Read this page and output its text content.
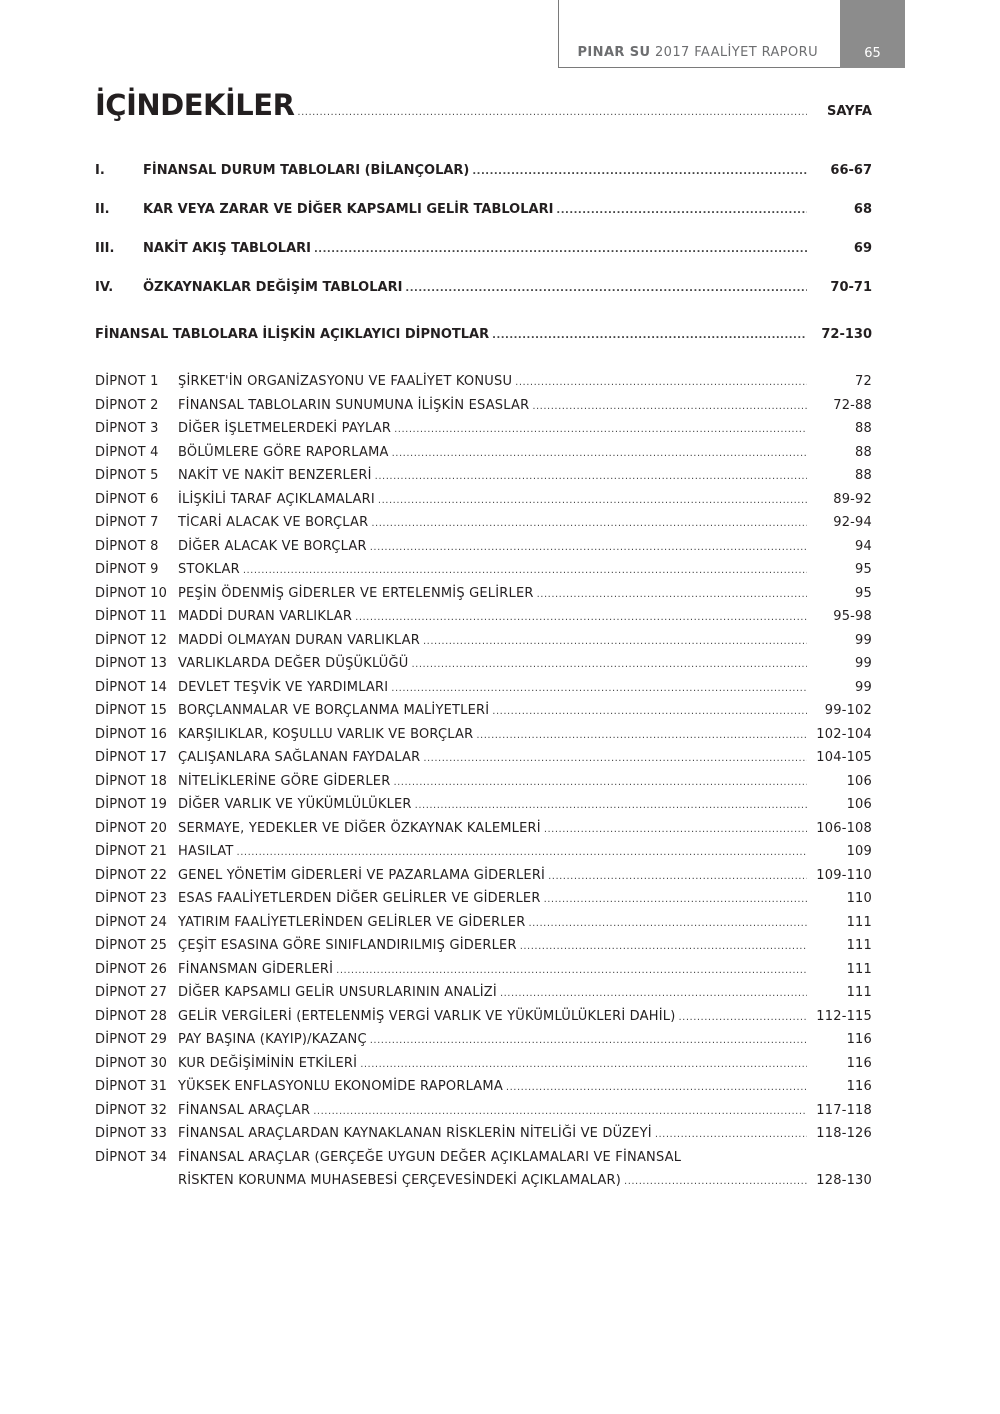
PINAR SU 2017 FAALİYET RAPORU	65
İÇİNDEKİLER .....	SAYFA
I.	FİNANSAL DURUM TABLOLARI (BİLANÇOLAR) .....	66-67
II.	KAR VEYA ZARAR VE DİĞER KAPSAMLI GELİR TABLOLARI .....	68
III.	NAKİT AKIŞ TABLOLARI .....	69
IV.	ÖZKAYNAKLAR DEĞİŞİM TABLOLARI .....	70-71
FİNANSAL TABLOLARA İLİŞKİN AÇIKLAYICI DİPNOTLAR .....	72-130
DİPNOT 1	ŞİRKET'İN ORGANİZASYONU VE FAALİYET KONUSU .....	72
DİPNOT 2	FİNANSAL TABLOLARIN SUNUMUNA İLİŞKİN ESASLAR .....	72-88
DİPNOT 3	DİĞER İŞLETMELERDEKİ PAYLAR .....	88
DİPNOT 4	BÖLÜMLERE GÖRE RAPORLAMA .....	88
DİPNOT 5	NAKİT VE NAKİT BENZERLERİ .....	88
DİPNOT 6	İLİŞKİLİ TARAF AÇIKLAMALARI .....	89-92
DİPNOT 7	TİCARİ ALACAK VE BORÇLAR .....	92-94
DİPNOT 8	DİĞER ALACAK VE BORÇLAR .....	94
DİPNOT 9	STOKLAR .....	95
DİPNOT 10 PEŞİN ÖDENMİŞ GİDERLER VE ERTELENMİŞ GELİRLER .....	95
DİPNOT 11 MADDİ DURAN VARLIKLAR .....	95-98
DİPNOT 12 MADDİ OLMAYAN DURAN VARLIKLAR .....	99
DİPNOT 13 VARLIKLARDA DEĞER DÜŞÜKLÜĞÜ .....	99
DİPNOT 14 DEVLET TEŞVİK VE YARDIMLARI .....	99
DİPNOT 15 BORÇLANMALAR VE BORÇLANMA MALİYETLERİ .....	99-102
DİPNOT 16 KARŞILIKLAR, KOŞULLU VARLIK VE BORÇLAR .....	102-104
DİPNOT 17 ÇALIŞANLARA SAĞLANAN FAYDALAR .....	104-105
DİPNOT 18 NİTELİKLERİNE GÖRE GİDERLER .....	106
DİPNOT 19 DİĞER VARLIK VE YÜKÜMLÜLÜKLER .....	106
DİPNOT 20 SERMAYE, YEDEKLER VE DİĞER ÖZKAYNAK KALEMLERİ .....	106-108
DİPNOT 21 HASILAT .....	109
DİPNOT 22 GENEL YÖNETİM GİDERLERİ VE PAZARLAMA GİDERLERİ .....	109-110
DİPNOT 23 ESAS FAALİYETLERDEN DİĞER GELİRLER VE GİDERLER .....	110
DİPNOT 24 YATIRIM FAALİYETLERİNDEN GELİRLER VE GİDERLER .....	111
DİPNOT 25 ÇEŞİT ESASINA GÖRE SINIFLANDIRILMIŞ GİDERLER .....	111
DİPNOT 26 FİNANSMAN GİDERLERİ .....	111
DİPNOT 27 DİĞER KAPSAMLI GELİR UNSURLARININ ANALİZİ .....	111
DİPNOT 28 GELİR VERGİLERİ (ERTELENMİŞ VERGİ VARLIK VE YÜKÜMLÜLÜKLERİ DAHİL) .....	112-115
DİPNOT 29 PAY BAŞINA (KAYIP)/KAZANÇ .....	116
DİPNOT 30 KUR DEĞİŞİMİNİN ETKİLERİ .....	116
DİPNOT 31 YÜKSEK ENFLASYONLU EKONOMİDE RAPORLAMA .....	116
DİPNOT 32 FİNANSAL ARAÇLAR .....	117-118
DİPNOT 33 FİNANSAL ARAÇLARDAN KAYNAKLANAN RİSKLERİN NİTELİĞİ VE DÜZEYİ .....	118-126
DİPNOT 34 FİNANSAL ARAÇLAR (GERÇEĞE UYGUN DEĞER AÇIKLAMALARI VE FİNANSAL
RİSKTEN KORUNMA MUHASEBESİ ÇERÇEVESİNDEKİ AÇIKLAMALAR) .....	128-130
